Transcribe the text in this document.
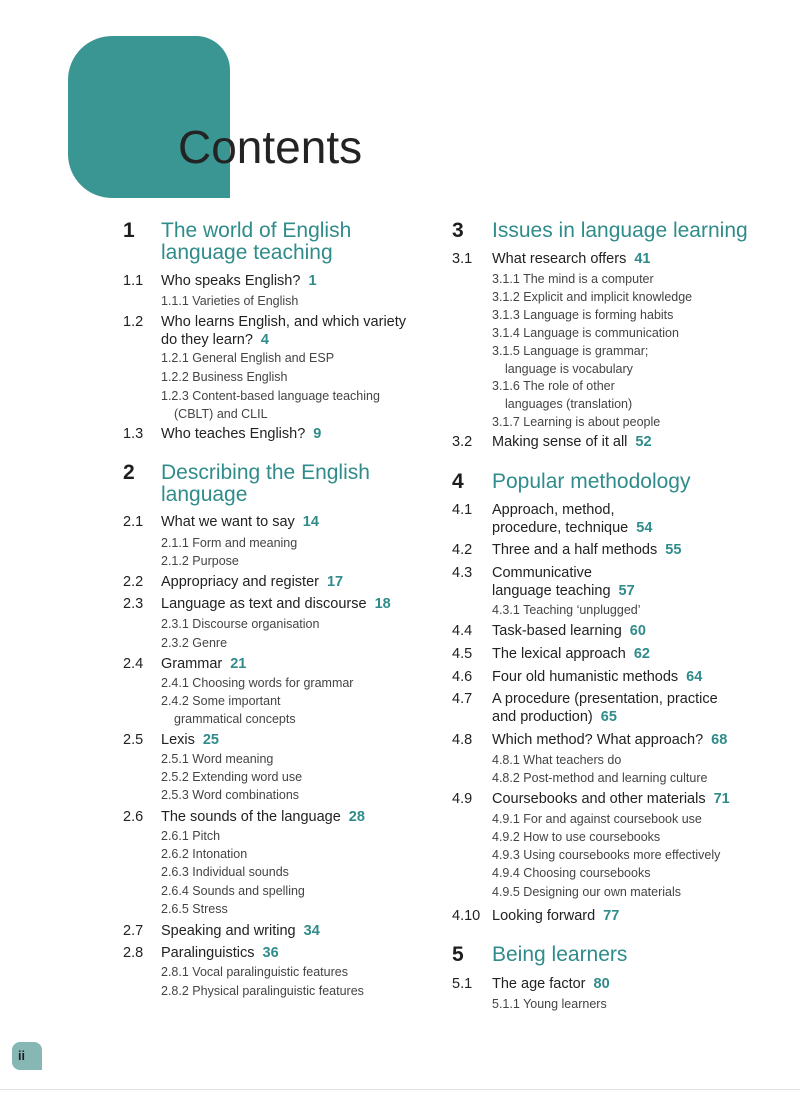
Contents
1 The world of English
language teaching
1.1 Who speaks English? 1
1.1.1 Varieties of English
1.2 Who learns English, and which variety
do they learn? 4
1.2.1 General English and ESP
1.2.2 Business English
1.2.3 Content-based language teaching
(CBLT) and CLIL
1.3 Who teaches English? 9
2 Describing the English
language
2.1 What we want to say 14
2.1.1 Form and meaning
2.1.2 Purpose
2.2 Appropriacy and register 17
2.3 Language as text and discourse 18
2.3.1 Discourse organisation
2.3.2 Genre
2.4 Grammar 21
2.4.1 Choosing words for grammar
2.4.2 Some important
grammatical concepts
2.5 Lexis 25
2.5.1 Word meaning
2.5.2 Extending word use
2.5.3 Word combinations
2.6 The sounds of the language 28
2.6.1 Pitch
2.6.2 Intonation
2.6.3 Individual sounds
2.6.4 Sounds and spelling
2.6.5 Stress
2.7 Speaking and writing 34
2.8 Paralinguistics 36
2.8.1 Vocal paralinguistic features
2.8.2 Physical paralinguistic features
3 Issues in language learning
3.1 What research offers 41
3.1.1 The mind is a computer
3.1.2 Explicit and implicit knowledge
3.1.3 Language is forming habits
3.1.4 Language is communication
3.1.5 Language is grammar;
language is vocabulary
3.1.6 The role of other
languages (translation)
3.1.7 Learning is about people
3.2 Making sense of it all 52
4 Popular methodology
4.1 Approach, method,
procedure, technique 54
4.2 Three and a half methods 55
4.3 Communicative
language teaching 57
4.3.1 Teaching ‘unplugged’
4.4 Task-based learning 60
4.5 The lexical approach 62
4.6 Four old humanistic methods 64
4.7 A procedure (presentation, practice
and production) 65
4.8 Which method? What approach? 68
4.8.1 What teachers do
4.8.2 Post-method and learning culture
4.9 Coursebooks and other materials 71
4.9.1 For and against coursebook use
4.9.2 How to use coursebooks
4.9.3 Using coursebooks more effectively
4.9.4 Choosing coursebooks
4.9.5 Designing our own materials
4.10 Looking forward 77
5 Being learners
5.1 The age factor 80
5.1.1 Young learners
ii
